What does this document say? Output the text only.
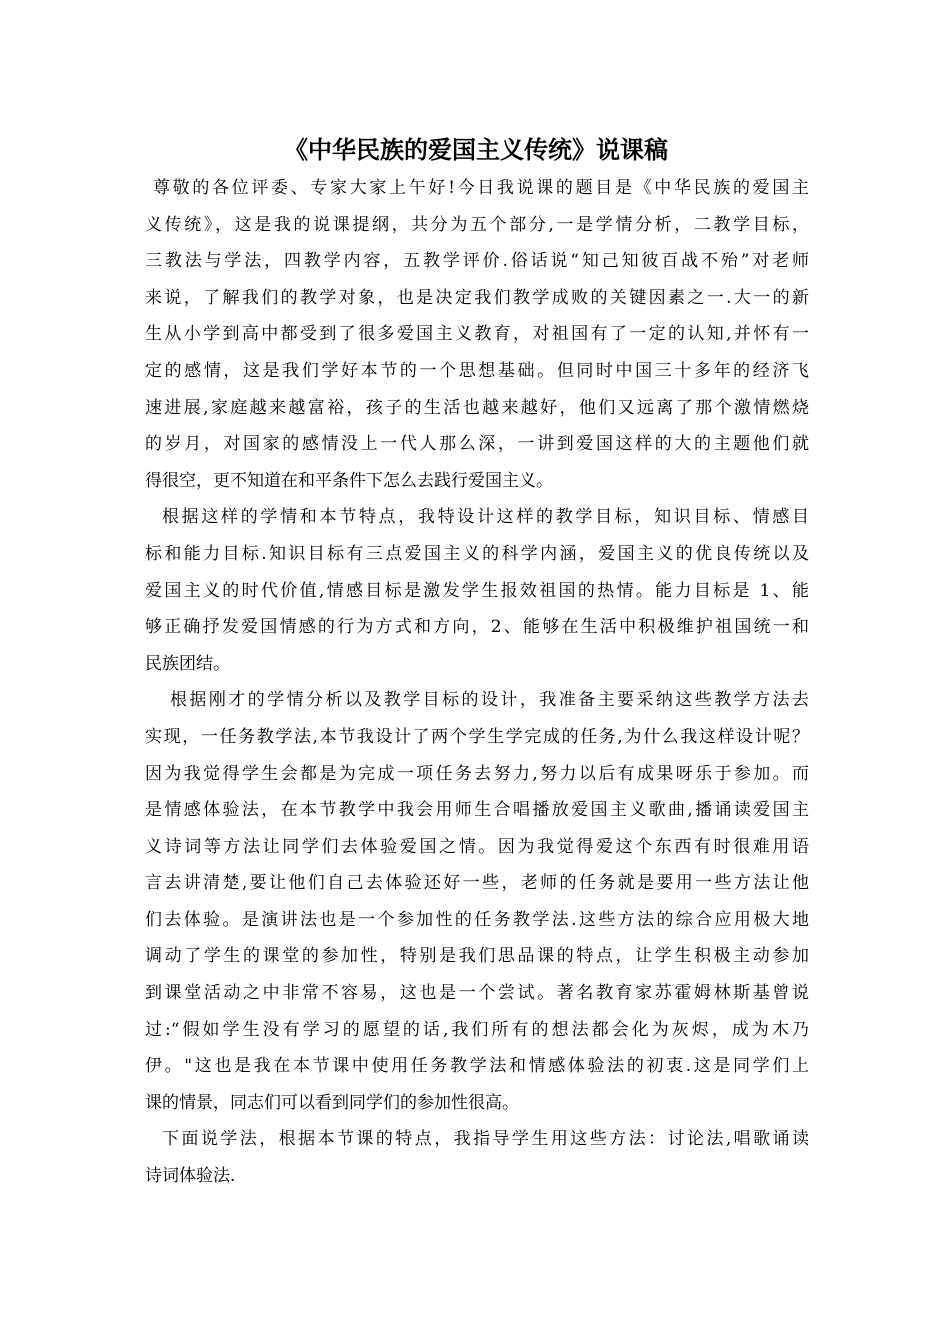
《中华民族的爱国主义传统》说课稿
尊敬的各位评委、专家大家上午好!今日我说课的题目是《中华民族的爱国主
义传统》，这是我的说课提纲，共分为五个部分,一是学情分析，二教学目标，
三教法与学法，四教学内容，五教学评价.俗话说“知己知彼百战不殆”对老师
来说，了解我们的教学对象，也是决定我们教学成败的关键因素之一.大一的新
生从小学到高中都受到了很多爱国主义教育，对祖国有了一定的认知,并怀有一
定的感情，这是我们学好本节的一个思想基础。但同时中国三十多年的经济飞
速进展,家庭越来越富裕，孩子的生活也越来越好，他们又远离了那个激情燃烧
的岁月，对国家的感情没上一代人那么深，一讲到爱国这样的大的主题他们就
得很空，更不知道在和平条件下怎么去践行爱国主义。
根据这样的学情和本节特点，我特设计这样的教学目标，知识目标、情感目
标和能力目标.知识目标有三点爱国主义的科学内涵，爱国主义的优良传统以及
爱国主义的时代价值,情感目标是激发学生报效祖国的热情。能力目标是 1、能
够正确抒发爱国情感的行为方式和方向，2、能够在生活中积极维护祖国统一和
民族团结。
根据刚才的学情分析以及教学目标的设计，我准备主要采纳这些教学方法去
实现，一任务教学法,本节我设计了两个学生学完成的任务,为什么我这样设计呢？
因为我觉得学生会都是为完成一项任务去努力,努力以后有成果呀乐于参加。而
是情感体验法，在本节教学中我会用师生合唱播放爱国主义歌曲,播诵读爱国主
义诗词等方法让同学们去体验爱国之情。因为我觉得爱这个东西有时很难用语
言去讲清楚,要让他们自己去体验还好一些，老师的任务就是要用一些方法让他
们去体验。是演讲法也是一个参加性的任务教学法.这些方法的综合应用极大地
调动了学生的课堂的参加性，特别是我们思品课的特点，让学生积极主动参加
到课堂活动之中非常不容易，这也是一个尝试。著名教育家苏霍姆林斯基曾说
过:“假如学生没有学习的愿望的话,我们所有的想法都会化为灰烬，成为木乃
伊。"这也是我在本节课中使用任务教学法和情感体验法的初衷.这是同学们上
课的情景，同志们可以看到同学们的参加性很高。
下面说学法，根据本节课的特点，我指导学生用这些方法：讨论法,唱歌诵读
诗词体验法.
